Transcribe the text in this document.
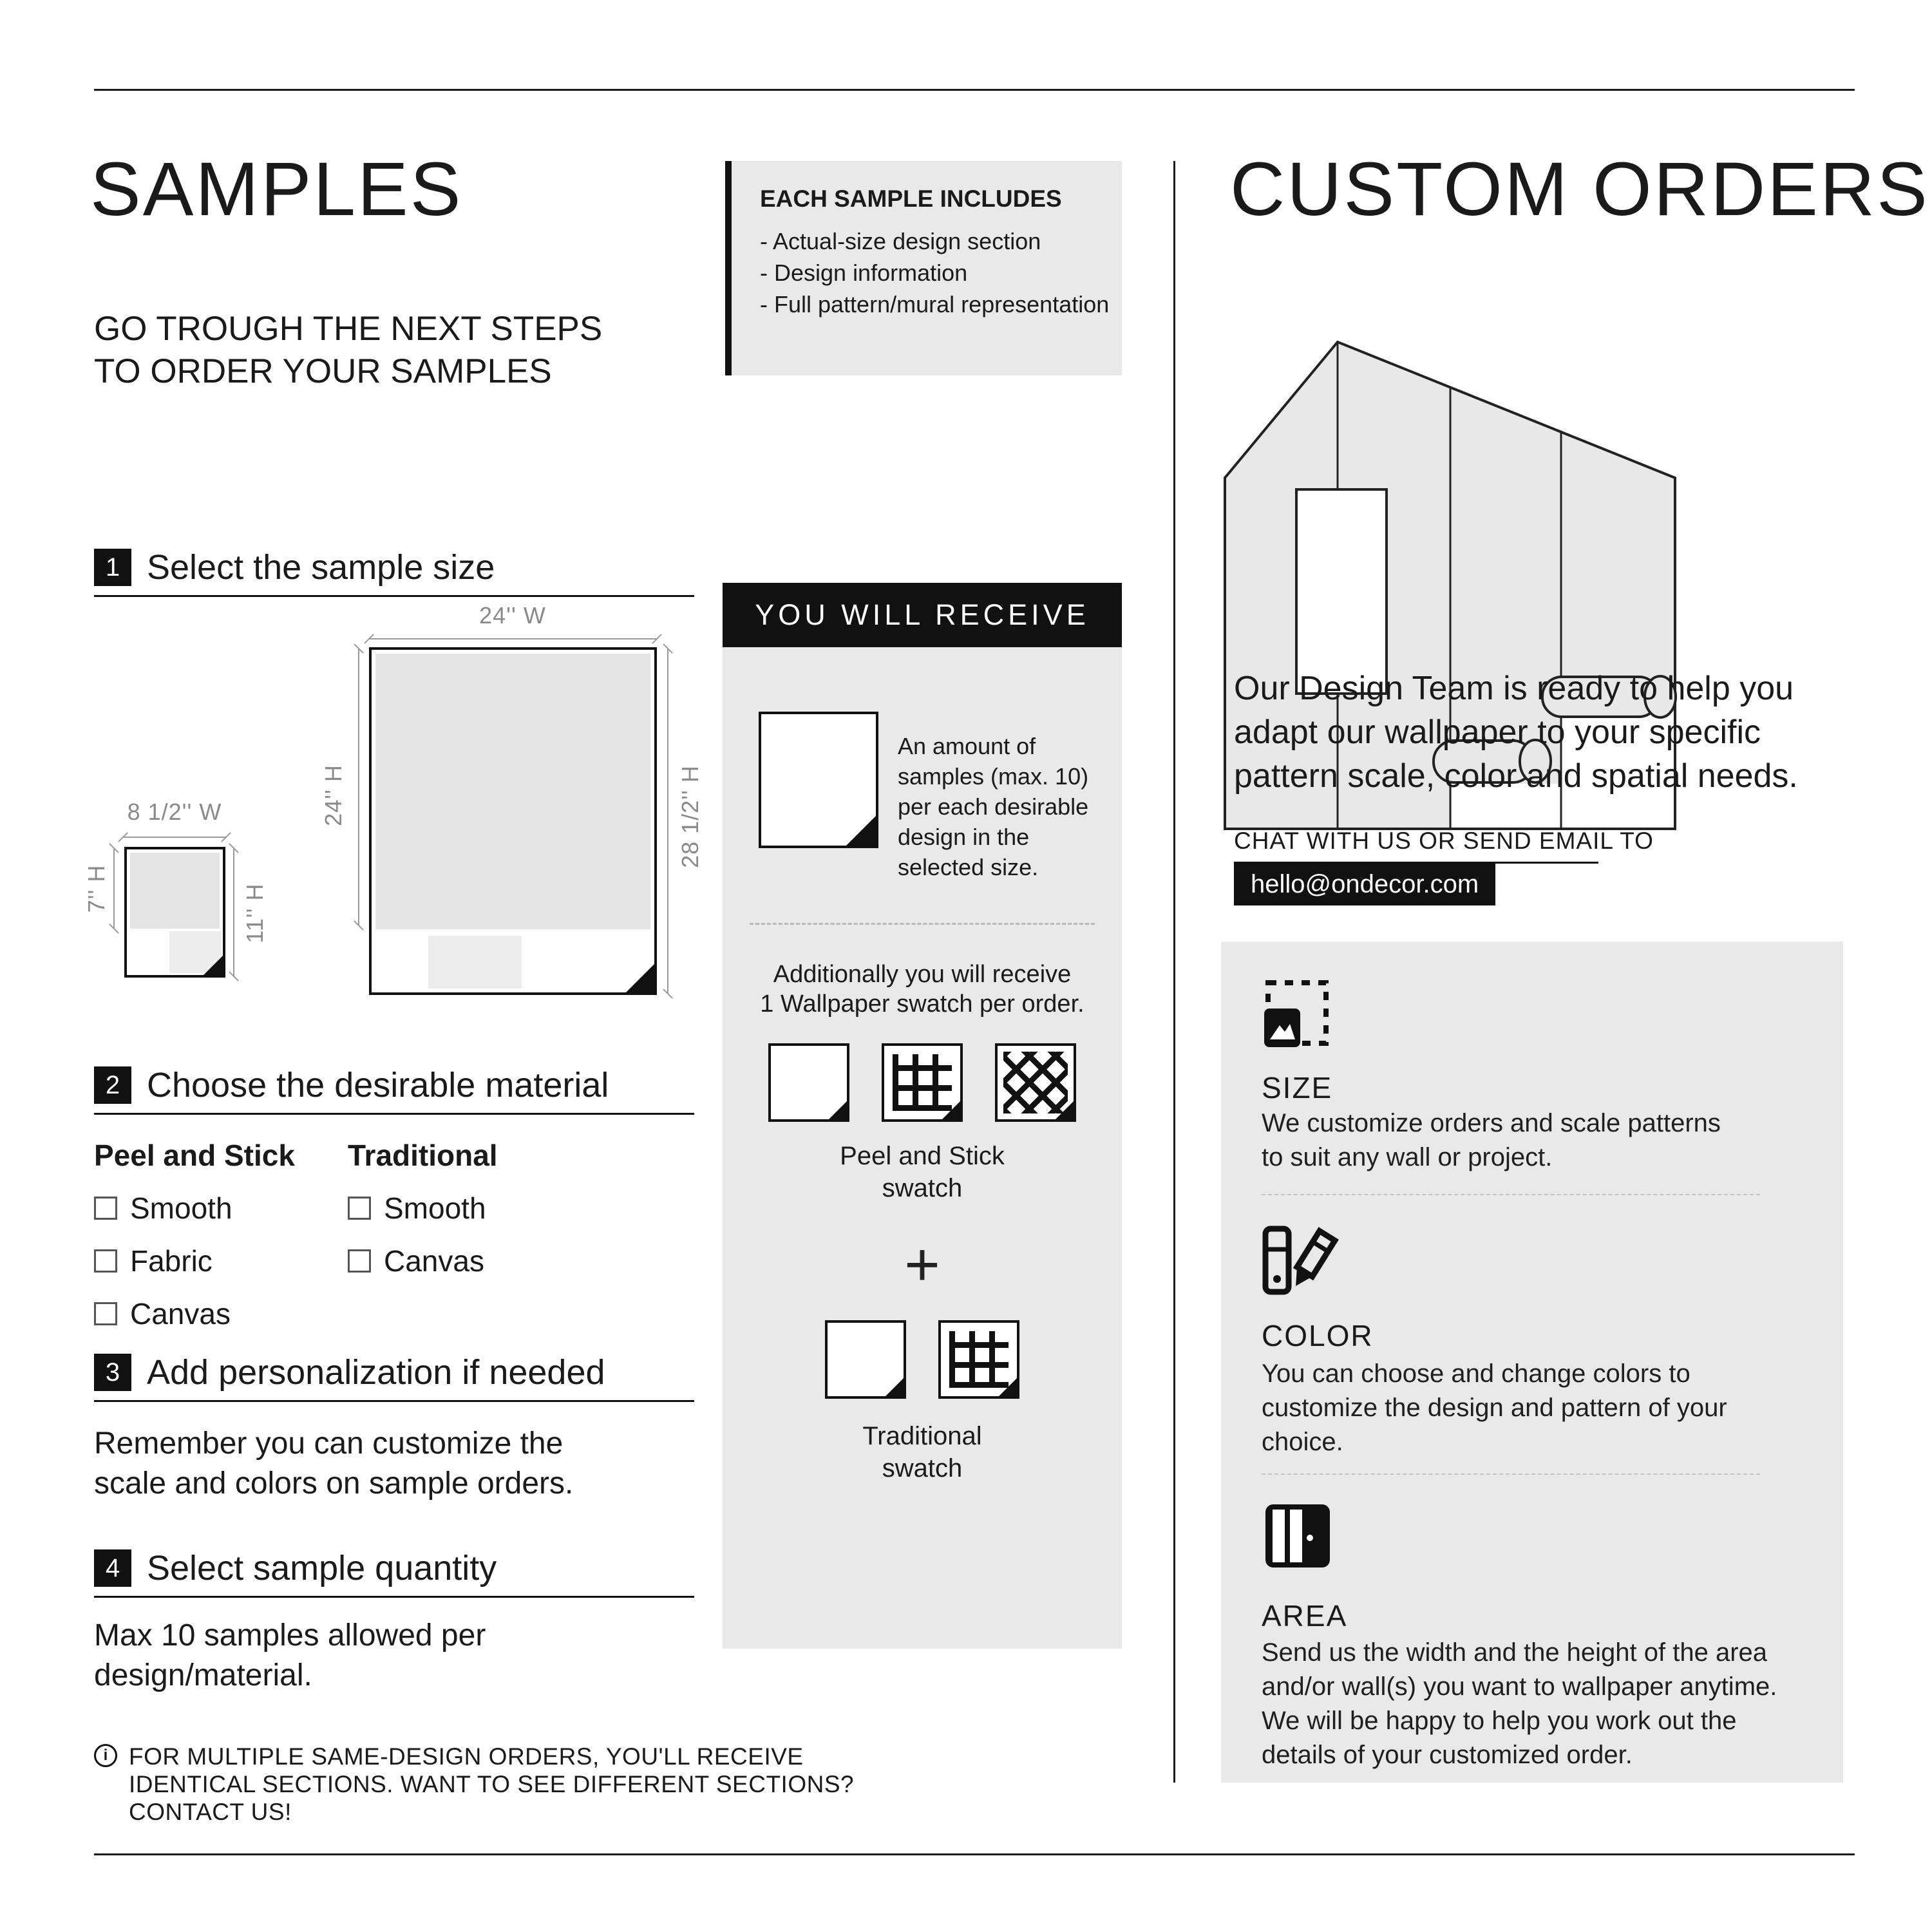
SAMPLES
GO TROUGH THE NEXT STEPS
TO ORDER YOUR SAMPLES
EACH SAMPLE INCLUDES
- Actual-size design section
- Design information
- Full pattern/mural representation
1 Select the sample size
8 1/2'' W
7'' H	11'' H
24'' W
24'' H	28 1/2'' H
2 Choose the desirable material
Peel and Stick
Smooth
Fabric
Canvas
Traditional
Smooth
Canvas
3 Add personalization if needed
Remember you can customize the scale and colors on sample orders.
4 Select sample quantity
Max 10 samples allowed per design/material.
i FOR MULTIPLE SAME-DESIGN ORDERS, YOU'LL RECEIVE IDENTICAL SECTIONS. WANT TO SEE DIFFERENT SECTIONS? CONTACT US!
YOU WILL RECEIVE
An amount of samples (max. 10) per each desirable design in the selected size.
Additionally you will receive
1 Wallpaper swatch per order.
Peel and Stick swatch
+
Traditional swatch
CUSTOM ORDERS
Our Design Team is ready to help you adapt our wallpaper to your specific pattern scale, color and spatial needs.
CHAT WITH US OR SEND EMAIL TO
hello@ondecor.com
SIZE
We customize orders and scale patterns to suit any wall or project.
COLOR
You can choose and change colors to customize the design and pattern of your choice.
AREA
Send us the width and the height of the area and/or wall(s) you want to wallpaper anytime. We will be happy to help you work out the details of your customized order.
